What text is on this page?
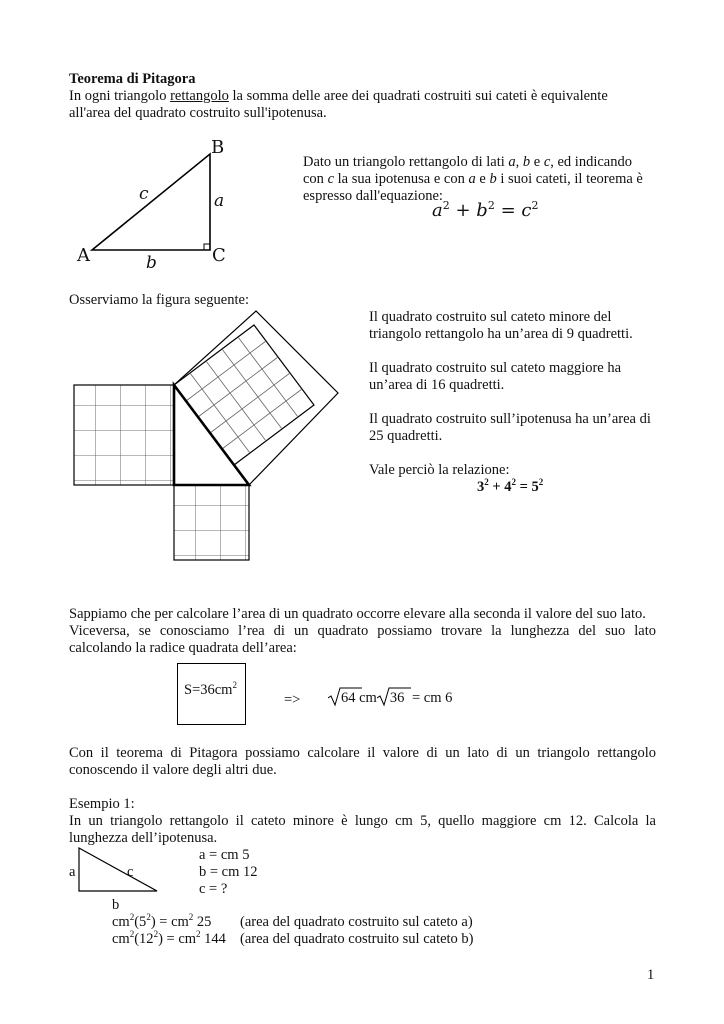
Teorema di Pitagora
In ogni triangolo rettangolo la somma delle aree dei quadrati costruiti sui cateti è equivalente
all'area del quadrato costruito sull'ipotenusa.
B
A	C
a
b
c
Dato un triangolo rettangolo di lati a, b e c, ed indicando
con c la sua ipotenusa e con a e b i suoi cateti, il teorema è
espresso dall'equazione:
$a^2 + b^2 = c^2$
Osserviamo la figura seguente:
Il quadrato costruito sul cateto minore del
triangolo rettangolo ha un’area di 9 quadretti.
Il quadrato costruito sul cateto maggiore ha
un’area di 16 quadretti.
Il quadrato costruito sull’ipotenusa ha un’area di
25 quadretti.
Vale perciò la relazione:
$3^2 + 4^2 = 5^2$
Sappiamo che per calcolare l’area di un quadrato occorre elevare alla seconda il valore del suo lato.
Viceversa, se conosciamo l’rea di un quadrato possiamo trovare la lunghezza del suo lato
calcolando la radice quadrata dell’area:
$S=36cm^2$
=>	64 cm 36 = cm 6
Con il teorema di Pitagora possiamo calcolare il valore di un lato di un triangolo rettangolo
conoscendo il valore degli altri due.
Esempio 1:
In un triangolo rettangolo il cateto minore è lungo cm 5, quello maggiore cm 12. Calcola la
lunghezza dell’ipotenusa.
a	c
b
a = cm 5
b = cm 12
c = ?
$cm^2(5^2) = cm^2$ 25 (area del quadrato costruito sul cateto a)
$cm^2(12^2) = cm^2$ 144 (area del quadrato costruito sul cateto b)
1
